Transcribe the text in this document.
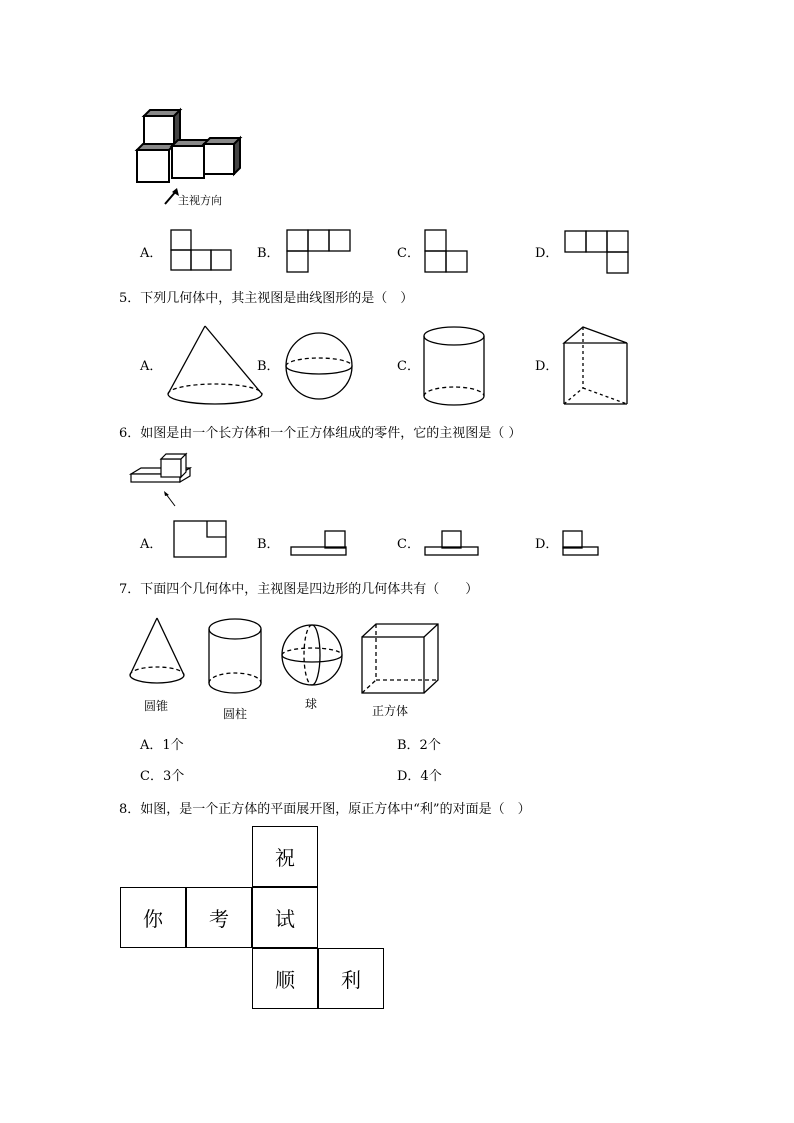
主视方向
A．	B．	C．	D．
5．下列几何体中，其主视图是曲线图形的是（　）
A．	B．	C．	D．
6．如图是由一个长方体和一个正方体组成的零件，它的主视图是（ ）
A．	B．	C．	D．
7．下面四个几何体中，主视图是四边形的几何体共有（　　）
圆锥
圆柱
球	正方体
A．1个	B．2个
C．3个	D．4个
8．如图，是一个正方体的平面展开图，原正方体中“利”的对面是（　）
祝
你 考 试
顺 利
